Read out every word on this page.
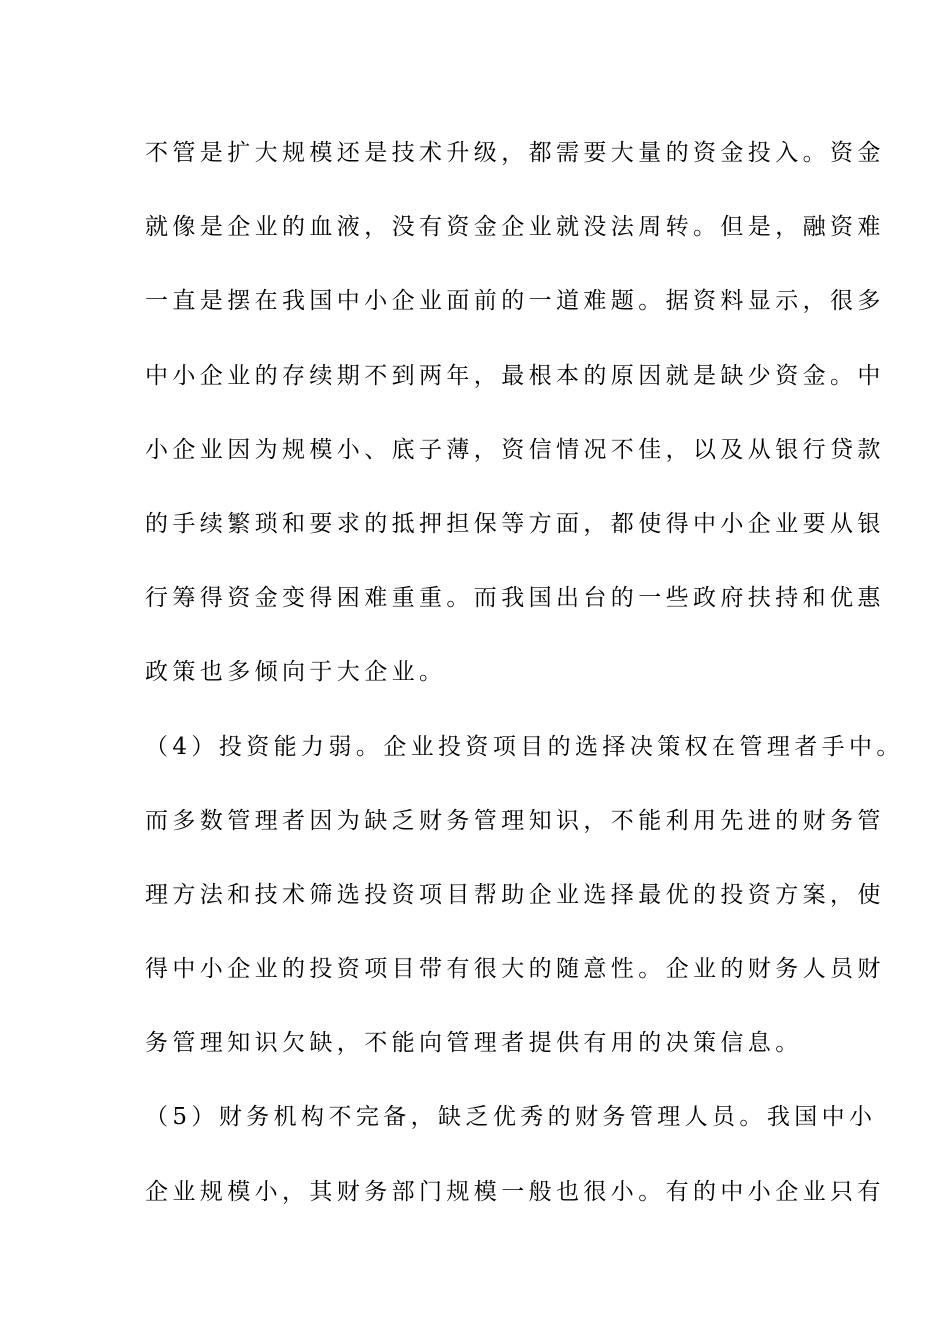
不管是扩大规模还是技术升级，都需要大量的资金投入。资金
就像是企业的血液，没有资金企业就没法周转。但是，融资难
一直是摆在我国中小企业面前的一道难题。据资料显示，很多
中小企业的存续期不到两年，最根本的原因就是缺少资金。中
小企业因为规模小、底子薄，资信情况不佳，以及从银行贷款
的手续繁琐和要求的抵押担保等方面，都使得中小企业要从银
行筹得资金变得困难重重。而我国出台的一些政府扶持和优惠
政策也多倾向于大企业。
（4）投资能力弱。企业投资项目的选择决策权在管理者手中。
而多数管理者因为缺乏财务管理知识，不能利用先进的财务管
理方法和技术筛选投资项目帮助企业选择最优的投资方案，使
得中小企业的投资项目带有很大的随意性。企业的财务人员财
务管理知识欠缺，不能向管理者提供有用的决策信息。
（5）财务机构不完备，缺乏优秀的财务管理人员。我国中小
企业规模小，其财务部门规模一般也很小。有的中小企业只有
